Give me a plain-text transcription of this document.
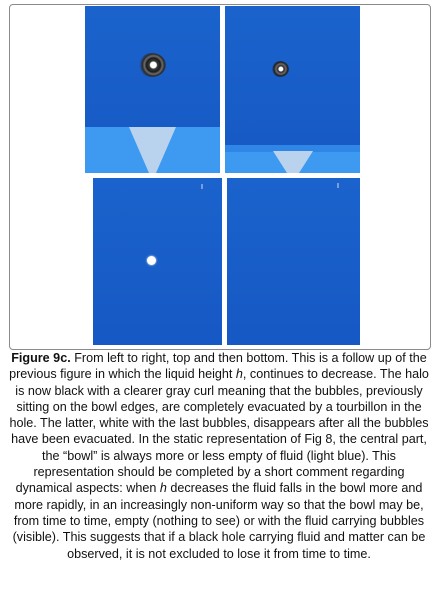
Figure 9c. From left to right, top and then bottom. This is a follow up of the previous figure in which the liquid height h, continues to decrease. The halo is now black with a clearer gray curl meaning that the bubbles, previously sitting on the bowl edges, are completely evacuated by a tourbillon in the hole. The latter, white with the last bubbles, disappears after all the bubbles have been evacuated. In the static representation of Fig 8, the central part, the “bowl” is always more or less empty of fluid (light blue). This representation should be completed by a short comment regarding dynamical aspects: when h decreases the fluid falls in the bowl more and more rapidly, in an increasingly non-uniform way so that the bowl may be, from time to time, empty (nothing to see) or with the fluid carrying bubbles (visible). This suggests that if a black hole carrying fluid and matter can be observed, it is not excluded to lose it from time to time.
